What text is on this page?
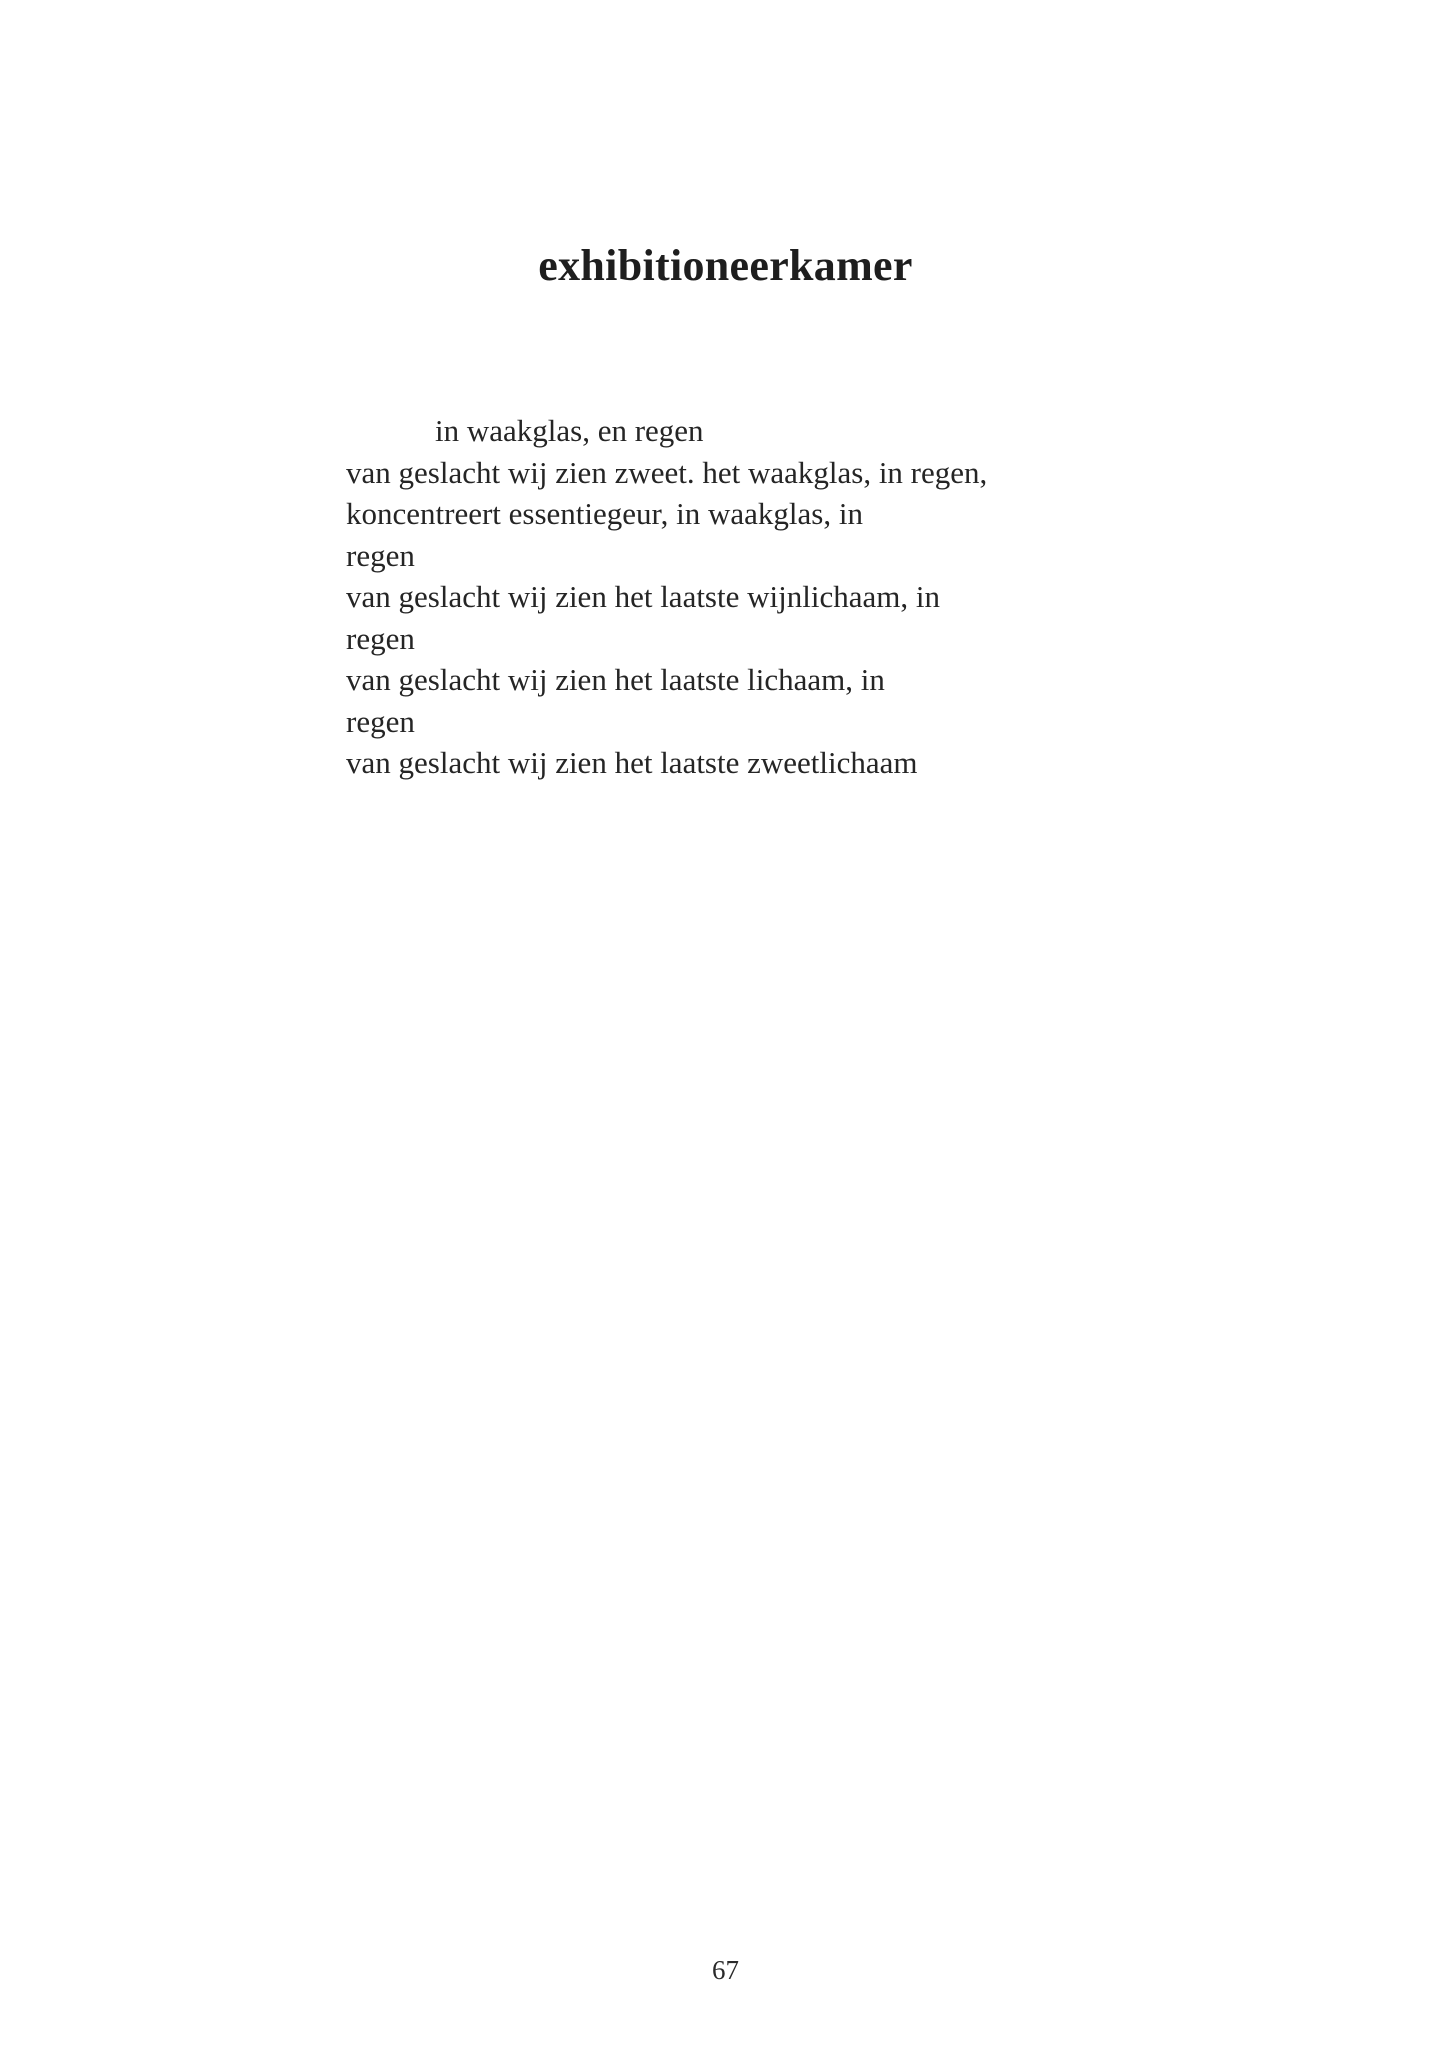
exhibitioneerkamer
in waakglas, en regen
van geslacht wij zien zweet. het waakglas, in regen,
koncentreert essentiegeur, in waakglas, in
regen
van geslacht wij zien het laatste wijnlichaam, in
regen
van geslacht wij zien het laatste lichaam, in
regen
van geslacht wij zien het laatste zweetlichaam
67
